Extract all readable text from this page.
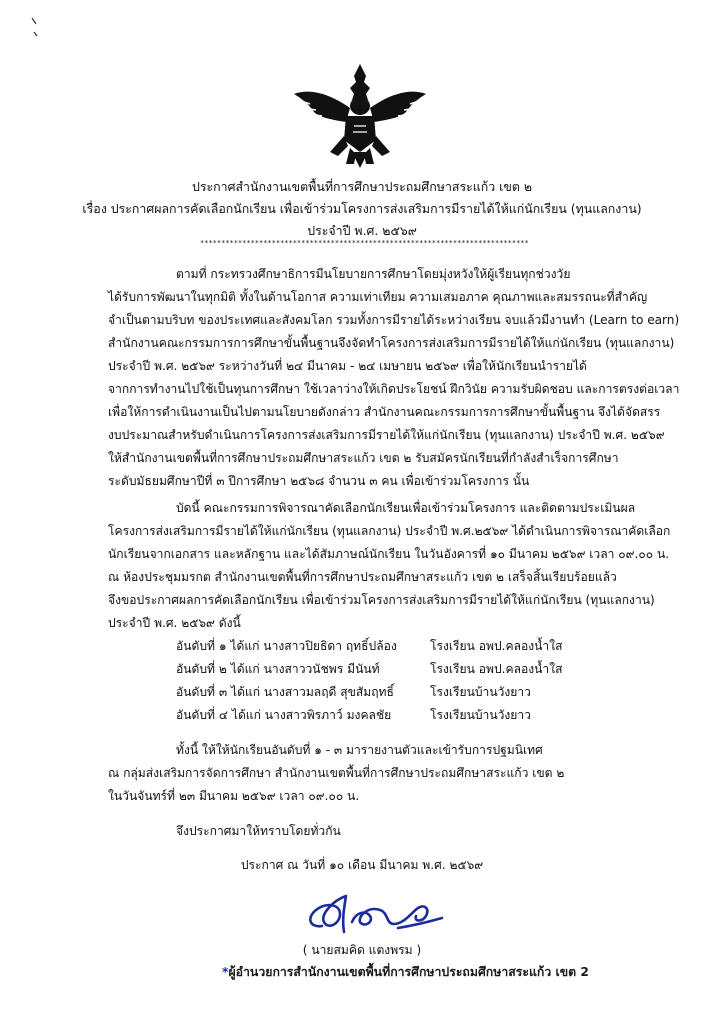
ประกาศสำนักงานเขตพื้นที่การศึกษาประถมศึกษาสระแก้ว เขต ๒
เรื่อง ประกาศผลการคัดเลือกนักเรียน เพื่อเข้าร่วมโครงการส่งเสริมการมีรายได้ให้แก่นักเรียน (ทุนแลกงาน)
ประจำปี พ.ศ. ๒๕๖๙
******************************************************************************
ตามที่ กระทรวงศึกษาธิการมีนโยบายการศึกษาโดยมุ่งหวังให้ผู้เรียนทุกช่วงวัย
ได้รับการพัฒนาในทุกมิติ ทั้งในด้านโอกาส ความเท่าเทียม ความเสมอภาค คุณภาพและสมรรถนะที่สำคัญ
จำเป็นตามบริบท ของประเทศและสังคมโลก รวมทั้งการมีรายได้ระหว่างเรียน จบแล้วมีงานทำ (Learn to earn)
สำนักงานคณะกรรมการการศึกษาขั้นพื้นฐานจึงจัดทำโครงการส่งเสริมการมีรายได้ให้แก่นักเรียน (ทุนแลกงาน)
ประจำปี พ.ศ. ๒๕๖๙ ระหว่างวันที่ ๒๔ มีนาคม - ๒๔ เมษายน ๒๕๖๙ เพื่อให้นักเรียนนำรายได้
จากการทำงานไปใช้เป็นทุนการศึกษา ใช้เวลาว่างให้เกิดประโยชน์ ฝึกวินัย ความรับผิดชอบ และการตรงต่อเวลา
เพื่อให้การดำเนินงานเป็นไปตามนโยบายดังกล่าว สำนักงานคณะกรรมการการศึกษาขั้นพื้นฐาน จึงได้จัดสรร
งบประมาณสำหรับดำเนินการโครงการส่งเสริมการมีรายได้ให้แก่นักเรียน (ทุนแลกงาน) ประจำปี พ.ศ. ๒๕๖๙
ให้สำนักงานเขตพื้นที่การศึกษาประถมศึกษาสระแก้ว เขต ๒ รับสมัครนักเรียนที่กำลังสำเร็จการศึกษา
ระดับมัธยมศึกษาปีที่ ๓ ปีการศึกษา ๒๕๖๘ จำนวน ๓ คน เพื่อเข้าร่วมโครงการ นั้น
บัดนี้ คณะกรรมการพิจารณาคัดเลือกนักเรียนเพื่อเข้าร่วมโครงการ และติดตามประเมินผล
โครงการส่งเสริมการมีรายได้ให้แก่นักเรียน (ทุนแลกงาน) ประจำปี พ.ศ.๒๕๖๙ ได้ดำเนินการพิจารณาคัดเลือก
นักเรียนจากเอกสาร และหลักฐาน และได้สัมภาษณ์นักเรียน ในวันอังคารที่ ๑๐ มีนาคม ๒๕๖๙ เวลา ๐๙.๐๐ น.
ณ ห้องประชุมมรกต สำนักงานเขตพื้นที่การศึกษาประถมศึกษาสระแก้ว เขต ๒ เสร็จสิ้นเรียบร้อยแล้ว
จึงขอประกาศผลการคัดเลือกนักเรียน เพื่อเข้าร่วมโครงการส่งเสริมการมีรายได้ให้แก่นักเรียน (ทุนแลกงาน)
ประจำปี พ.ศ. ๒๕๖๙ ดังนี้
อันดับที่ ๑ ได้แก่ นางสาวปิยธิดา ฤทธิ์ปล้อง	โรงเรียน อพป.คลองน้ำใส
อันดับที่ ๒ ได้แก่ นางสาววนัชพร มีนันท์	โรงเรียน อพป.คลองน้ำใส
อันดับที่ ๓ ได้แก่ นางสาวมลฤดี สุขสัมฤทธิ์	โรงเรียนบ้านวังยาว
อันดับที่ ๔ ได้แก่ นางสาวพิรภาว์ มงคลชัย	โรงเรียนบ้านวังยาว
ทั้งนี้ ให้ให้นักเรียนอันดับที่ ๑ - ๓ มารายงานตัวและเข้ารับการปฐมนิเทศ
ณ กลุ่มส่งเสริมการจัดการศึกษา สำนักงานเขตพื้นที่การศึกษาประถมศึกษาสระแก้ว เขต ๒
ในวันจันทร์ที่ ๒๓ มีนาคม ๒๕๖๙ เวลา ๐๙.๐๐ น.
จึงประกาศมาให้ทราบโดยทั่วกัน
ประกาศ ณ วันที่ ๑๐ เดือน มีนาคม พ.ศ. ๒๕๖๙
( นายสมคิด แตงพรม )
*ผู้อำนวยการสำนักงานเขตพื้นที่การศึกษาประถมศึกษาสระแก้ว เขต 2
